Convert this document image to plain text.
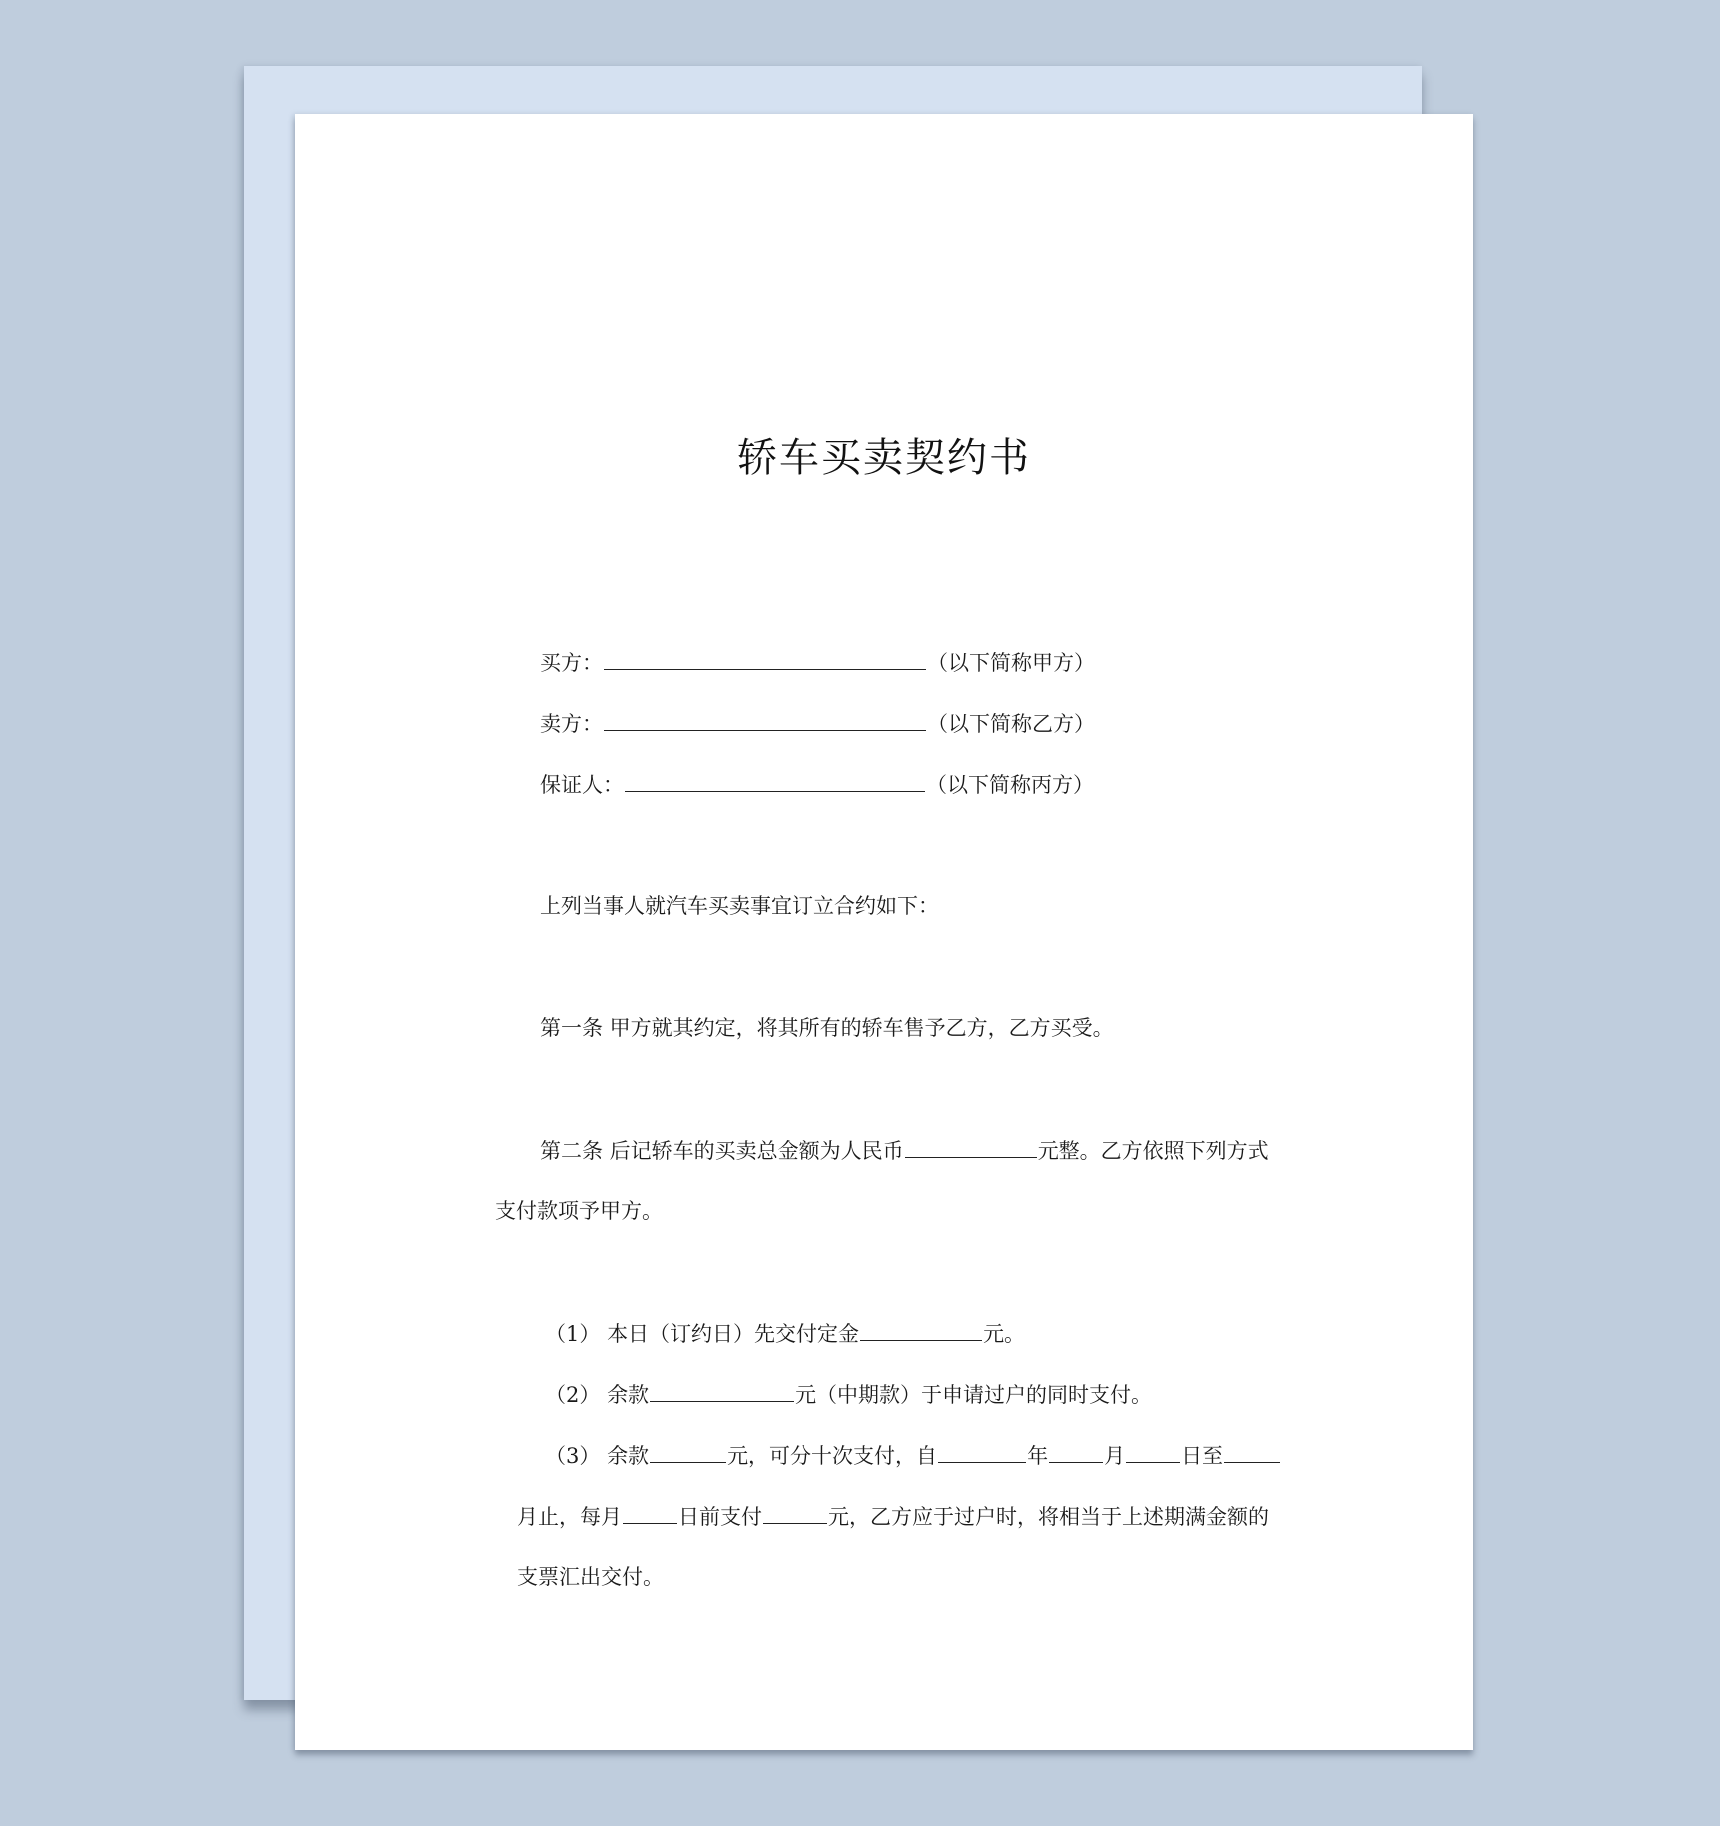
轿车买卖契约书
买方：	（以下简称甲方）
卖方：	（以下简称乙方）
保证人：	（以下简称丙方）
上列当事人就汽车买卖事宜订立合约如下：
第一条 甲方就其约定，将其所有的轿车售予乙方，乙方买受。
第二条 后记轿车的买卖总金额为人民币	元整。乙方依照下列方式
支付款项予甲方。
（1） 本日（订约日）先交付定金	元。
（2） 余款	元（中期款）于申请过户的同时支付。
（3） 余款	元，可分十次支付，自	年	月	日至
月止，每月	日前支付	元，乙方应于过户时，将相当于上述期满金额的
支票汇出交付。
